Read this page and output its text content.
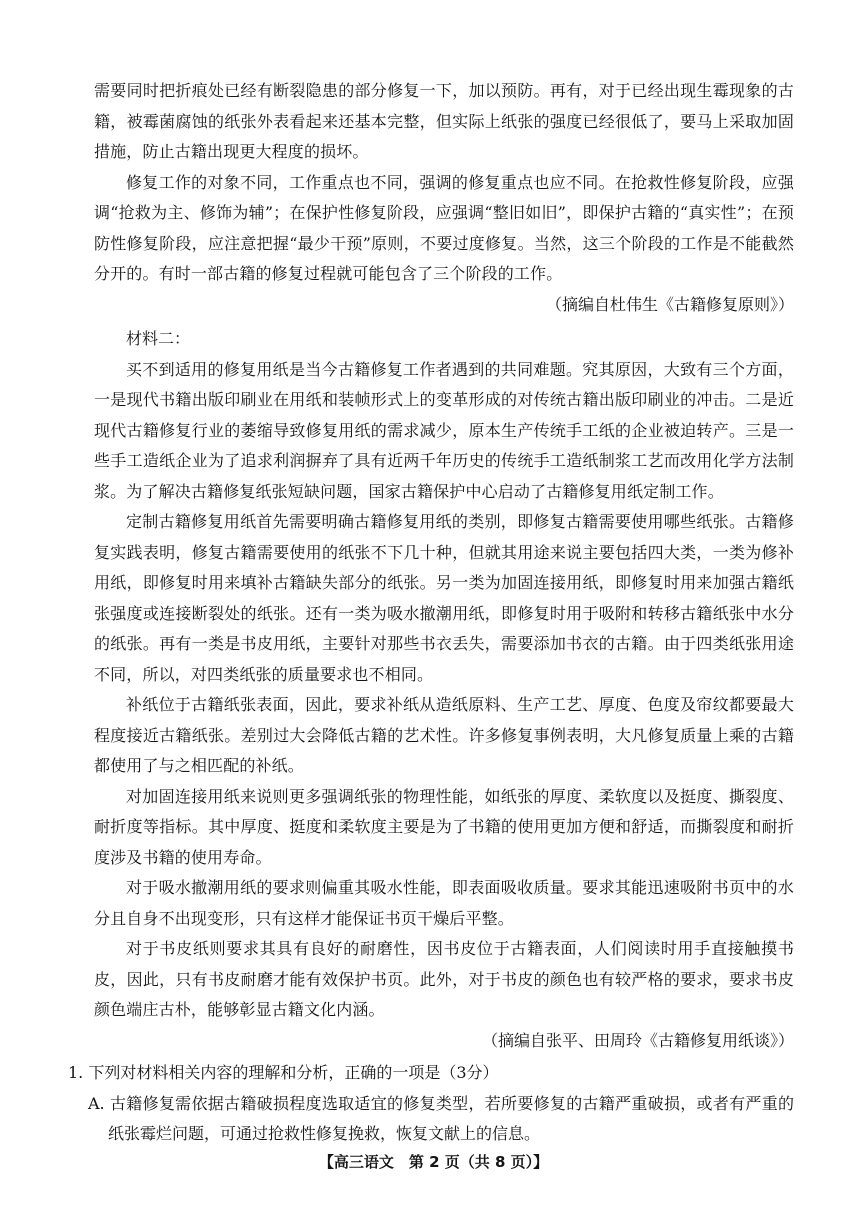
需要同时把折痕处已经有断裂隐患的部分修复一下，加以预防。再有，对于已经出现生霉现象的古籍，被霉菌腐蚀的纸张外表看起来还基本完整，但实际上纸张的强度已经很低了，要马上采取加固措施，防止古籍出现更大程度的损坏。

修复工作的对象不同，工作重点也不同，强调的修复重点也应不同。在抢救性修复阶段，应强调“抢救为主、修饰为辅”；在保护性修复阶段，应强调“整旧如旧”，即保护古籍的“真实性”；在预防性修复阶段，应注意把握“最少干预”原则，不要过度修复。当然，这三个阶段的工作是不能截然分开的。有时一部古籍的修复过程就可能包含了三个阶段的工作。

（摘编自杜伟生《古籍修复原则》）

材料二：

买不到适用的修复用纸是当今古籍修复工作者遇到的共同难题。究其原因，大致有三个方面，一是现代书籍出版印刷业在用纸和装帧形式上的变革形成的对传统古籍出版印刷业的冲击。二是近现代古籍修复行业的萎缩导致修复用纸的需求减少，原本生产传统手工纸的企业被迫转产。三是一些手工造纸企业为了追求利润摒弃了具有近两千年历史的传统手工造纸制浆工艺而改用化学方法制浆。为了解决古籍修复纸张短缺问题，国家古籍保护中心启动了古籍修复用纸定制工作。

定制古籍修复用纸首先需要明确古籍修复用纸的类别，即修复古籍需要使用哪些纸张。古籍修复实践表明，修复古籍需要使用的纸张不下几十种，但就其用途来说主要包括四大类，一类为修补用纸，即修复时用来填补古籍缺失部分的纸张。另一类为加固连接用纸，即修复时用来加强古籍纸张强度或连接断裂处的纸张。还有一类为吸水撤潮用纸，即修复时用于吸附和转移古籍纸张中水分的纸张。再有一类是书皮用纸，主要针对那些书衣丢失，需要添加书衣的古籍。由于四类纸张用途不同，所以，对四类纸张的质量要求也不相同。

补纸位于古籍纸张表面，因此，要求补纸从造纸原料、生产工艺、厚度、色度及帘纹都要最大程度接近古籍纸张。差别过大会降低古籍的艺术性。许多修复事例表明，大凡修复质量上乘的古籍都使用了与之相匹配的补纸。

对加固连接用纸来说则更多强调纸张的物理性能，如纸张的厚度、柔软度以及挺度、撕裂度、耐折度等指标。其中厚度、挺度和柔软度主要是为了书籍的使用更加方便和舒适，而撕裂度和耐折度涉及书籍的使用寿命。

对于吸水撤潮用纸的要求则偏重其吸水性能，即表面吸收质量。要求其能迅速吸附书页中的水分且自身不出现变形，只有这样才能保证书页干燥后平整。

对于书皮纸则要求其具有良好的耐磨性，因书皮位于古籍表面，人们阅读时用手直接触摸书皮，因此，只有书皮耐磨才能有效保护书页。此外，对于书皮的颜色也有较严格的要求，要求书皮颜色端庄古朴，能够彰显古籍文化内涵。

（摘编自张平、田周玲《古籍修复用纸谈》）

1. 下列对材料相关内容的理解和分析，正确的一项是（3分）

A. 古籍修复需依据古籍破损程度选取适宜的修复类型，若所要修复的古籍严重破损，或者有严重的纸张霉烂问题，可通过抢救性修复挽救，恢复文献上的信息。

【高三语文　第 2 页（共 8 页）】
